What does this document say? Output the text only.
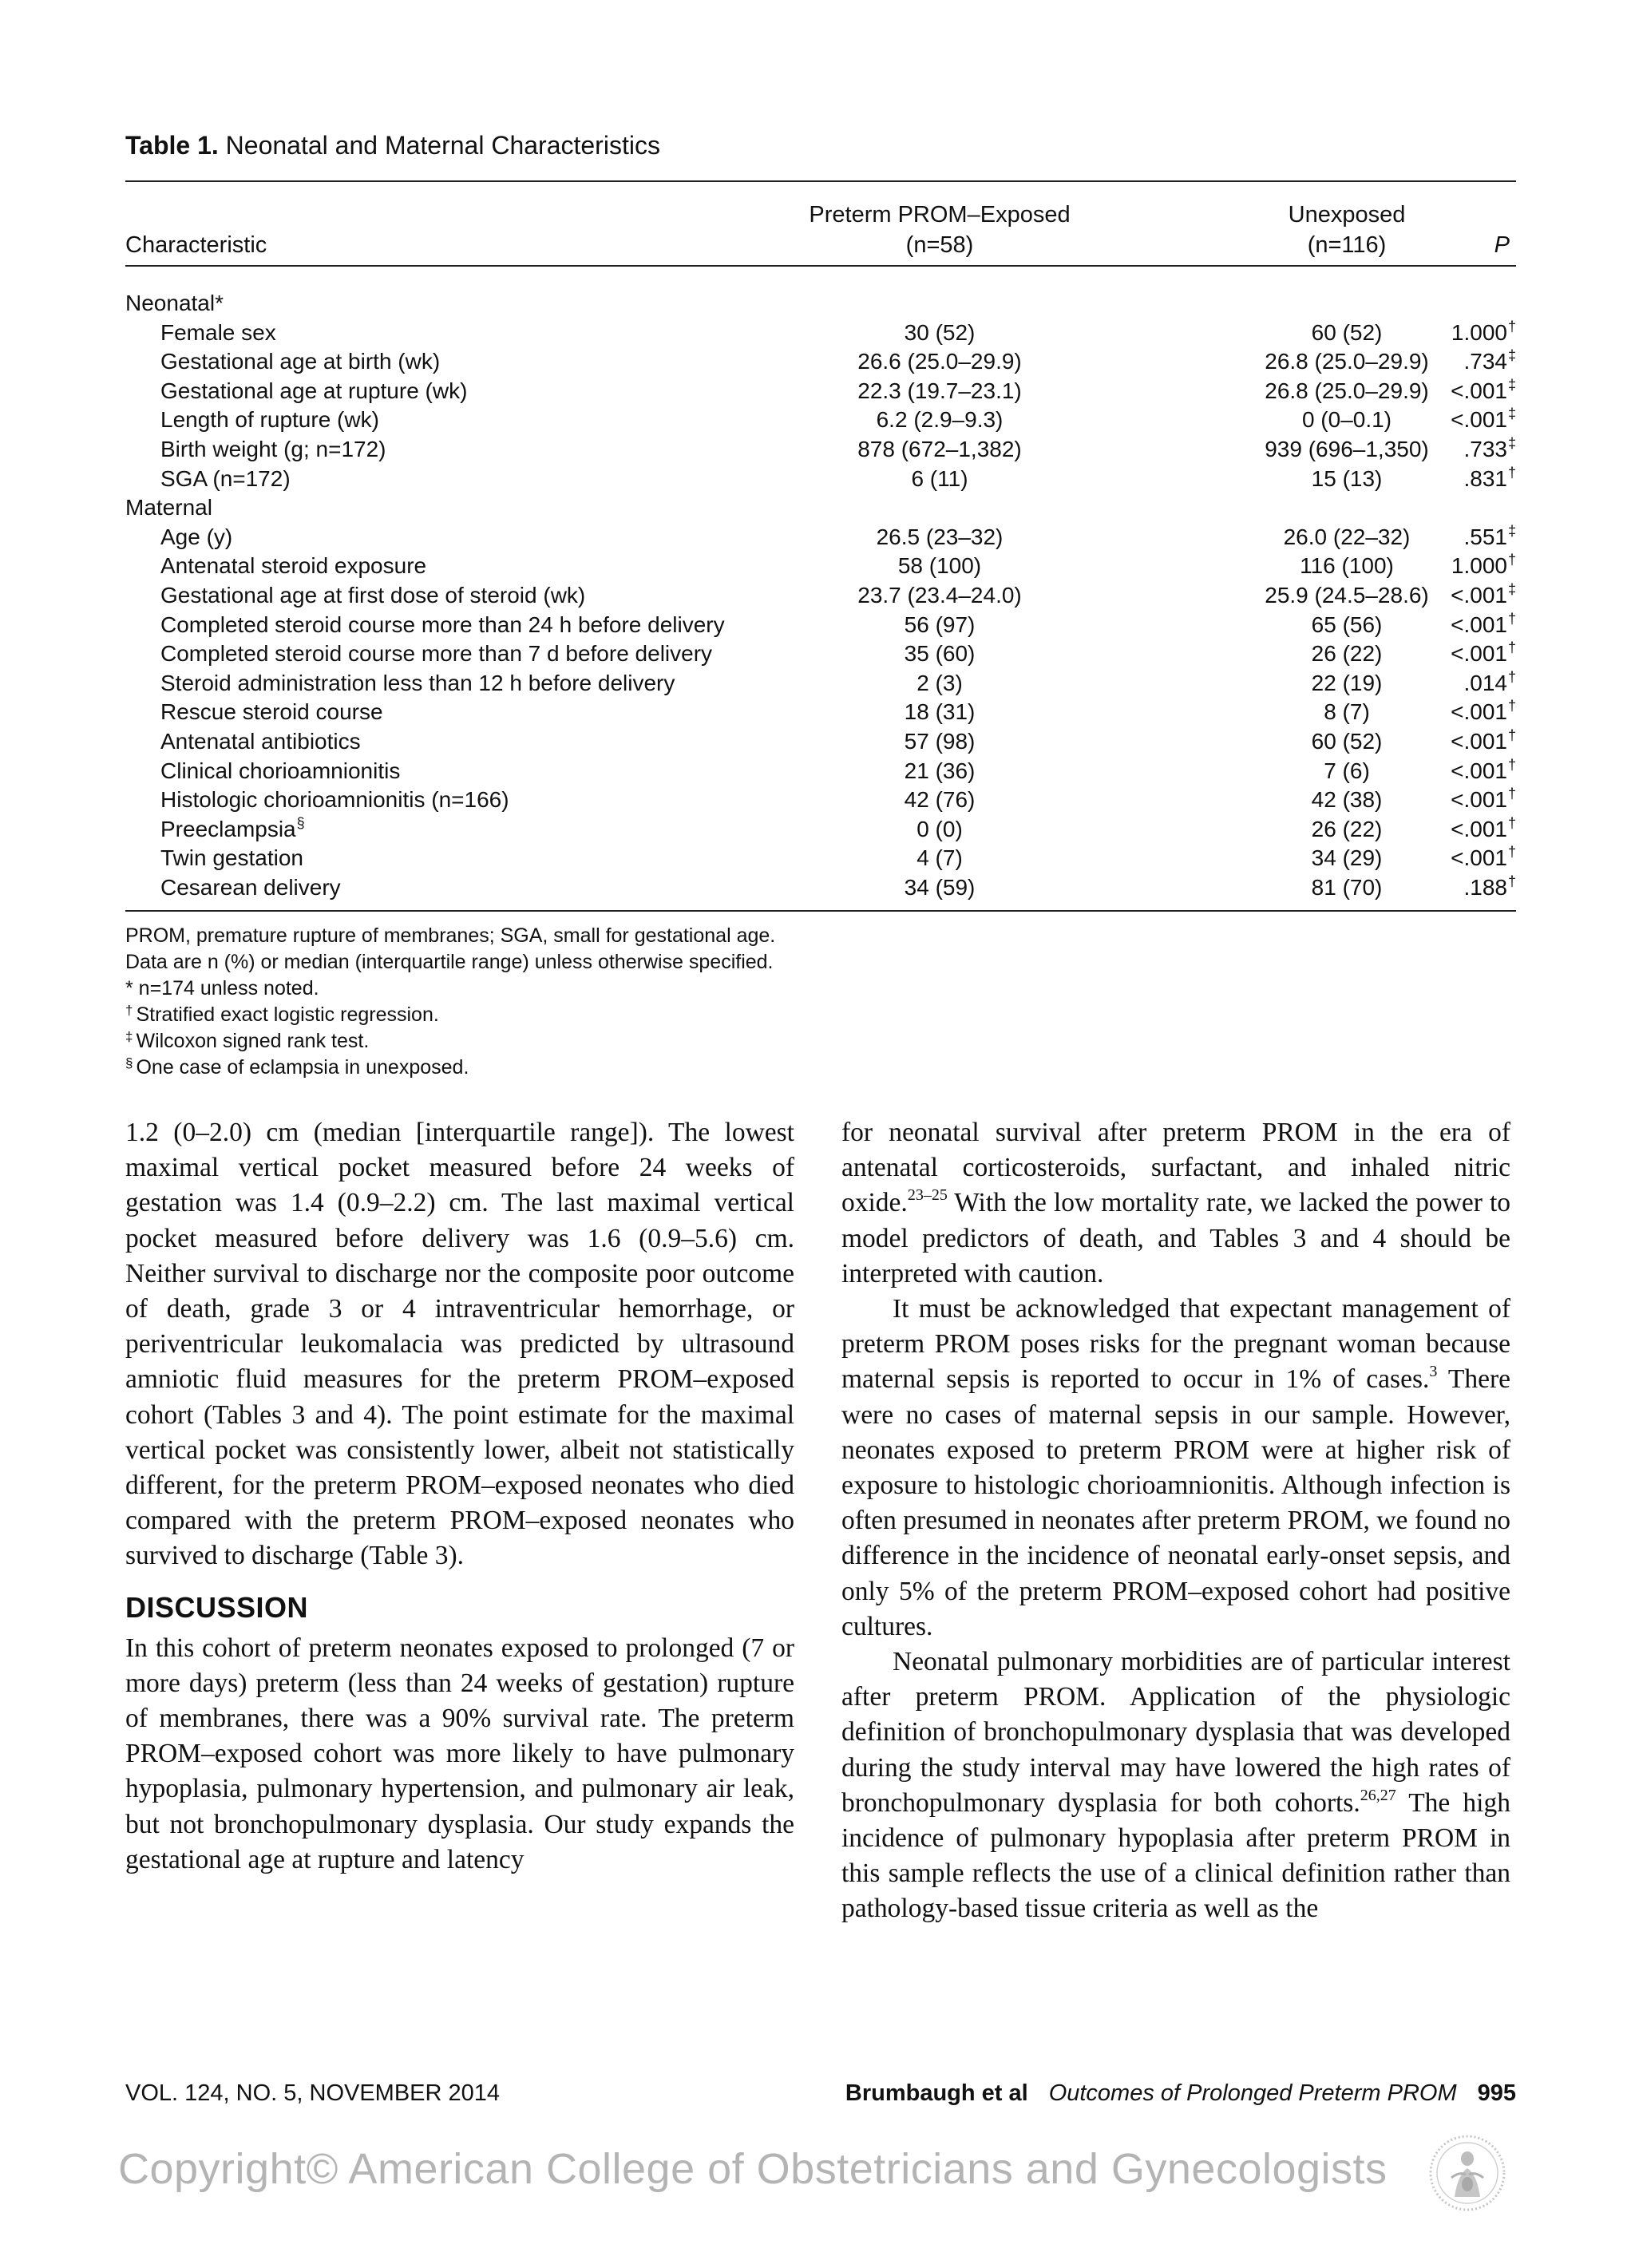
Table 1. Neonatal and Maternal Characteristics
Characteristic
Preterm PROM–Exposed
(n=58)
Unexposed
(n=116)	P
Neonatal*
Female sex	30 (52)	60 (52)	1.000†
Gestational age at birth (wk)	26.6 (25.0–29.9)	26.8 (25.0–29.9)	.734‡
Gestational age at rupture (wk)	22.3 (19.7–23.1)	26.8 (25.0–29.9) <.001‡
Length of rupture (wk)	6.2 (2.9–9.3)	0 (0–0.1)	<.001‡
Birth weight (g; n=172)	878 (672–1,382)	939 (696–1,350)	.733‡
SGA (n=172)	6 (11)	15 (13)	.831†
Maternal
Age (y)	26.5 (23–32)	26.0 (22–32)	.551‡
Antenatal steroid exposure	58 (100)	116 (100)	1.000†
Gestational age at first dose of steroid (wk)	23.7 (23.4–24.0)	25.9 (24.5–28.6) <.001‡
Completed steroid course more than 24 h before delivery	56 (97)	65 (56)	<.001†
Completed steroid course more than 7 d before delivery	35 (60)	26 (22)	<.001†
Steroid administration less than 12 h before delivery	2 (3)	22 (19)	.014†
Rescue steroid course	18 (31)	8 (7)	<.001†
Antenatal antibiotics	57 (98)	60 (52)	<.001†
Clinical chorioamnionitis	21 (36)	7 (6)	<.001†
Histologic chorioamnionitis (n=166)	42 (76)	42 (38)	<.001†
Preeclampsia§	0 (0)	26 (22)	<.001†
Twin gestation	4 (7)	34 (29)	<.001†
Cesarean delivery	34 (59)	81 (70)	.188†
PROM, premature rupture of membranes; SGA, small for gestational age.
Data are n (%) or median (interquartile range) unless otherwise specified.
* n=174 unless noted.
† Stratified exact logistic regression.
‡ Wilcoxon signed rank test.
§ One case of eclampsia in unexposed.

1.2 (0–2.0) cm (median [interquartile range]). The lowest maximal vertical pocket measured before 24 weeks of gestation was 1.4 (0.9–2.2) cm. The last maximal vertical pocket measured before delivery was 1.6 (0.9–5.6) cm. Neither survival to discharge nor the composite poor outcome of death, grade 3 or 4 intraventricular hemorrhage, or periventricular leukomalacia was predicted by ultrasound amniotic fluid measures for the preterm PROM–exposed cohort (Tables 3 and 4). The point estimate for the maximal vertical pocket was consistently lower, albeit not statistically different, for the preterm PROM–exposed neonates who died compared with the preterm PROM–exposed neonates who survived to discharge (Table 3).

DISCUSSION

In this cohort of preterm neonates exposed to prolonged (7 or more days) preterm (less than 24 weeks of gestation) rupture of membranes, there was a 90% survival rate. The preterm PROM–exposed cohort was more likely to have pulmonary hypoplasia, pulmonary hypertension, and pulmonary air leak, but not bronchopulmonary dysplasia. Our study expands the gestational age at rupture and latency

for neonatal survival after preterm PROM in the era of antenatal corticosteroids, surfactant, and inhaled nitric oxide.$^{23-25}$ With the low mortality rate, we lacked the power to model predictors of death, and Tables 3 and 4 should be interpreted with caution.

It must be acknowledged that expectant management of preterm PROM poses risks for the pregnant woman because maternal sepsis is reported to occur in 1% of cases.$^3$ There were no cases of maternal sepsis in our sample. However, neonates exposed to preterm PROM were at higher risk of exposure to histologic chorioamnionitis. Although infection is often presumed in neonates after preterm PROM, we found no difference in the incidence of neonatal early-onset sepsis, and only 5% of the preterm PROM–exposed cohort had positive cultures.

Neonatal pulmonary morbidities are of particular interest after preterm PROM. Application of the physiologic definition of bronchopulmonary dysplasia that was developed during the study interval may have lowered the high rates of bronchopulmonary dysplasia for both cohorts.$^{26,27}$ The high incidence of pulmonary hypoplasia after preterm PROM in this sample reflects the use of a clinical definition rather than pathology-based tissue criteria as well as the

VOL. 124, NO. 5, NOVEMBER 2014	Brumbaugh et al Outcomes of Prolonged Preterm PROM 995
Copyright© American College of Obstetricians and Gynecologists
